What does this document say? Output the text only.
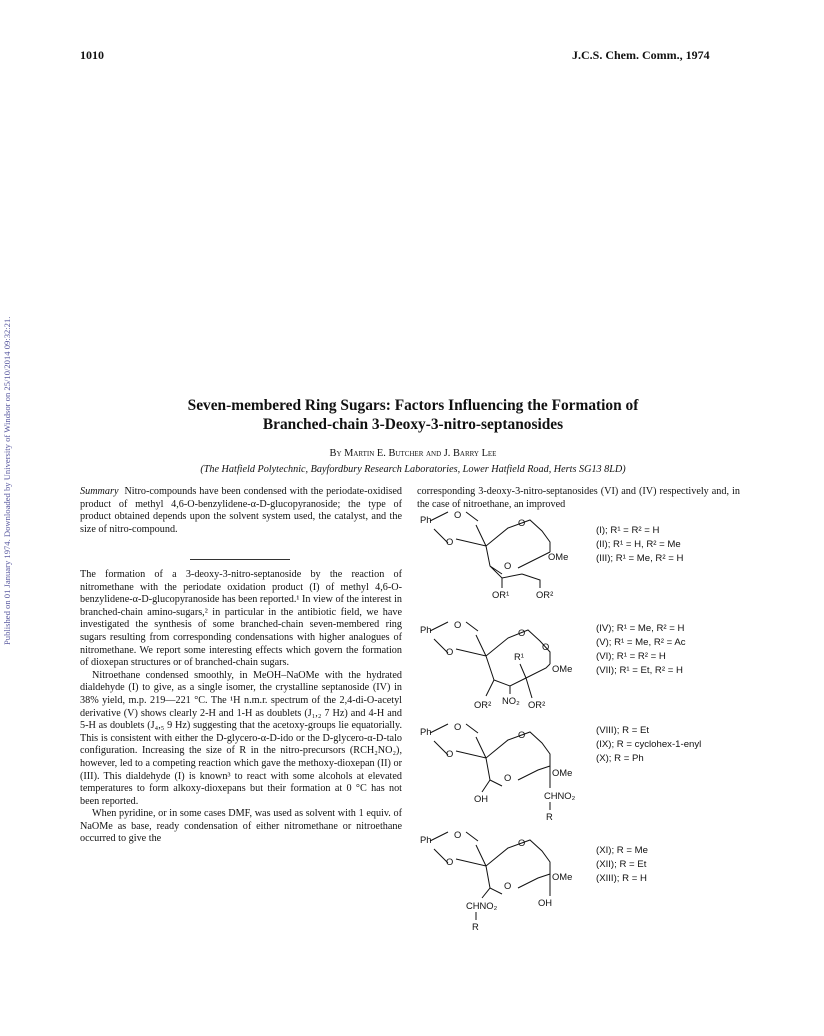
1010	J.C.S. Chem. Comm., 1974
Published on 01 January 1974. Downloaded by University of Windsor on 25/10/2014 09:32:21.	Seven-membered Ring Sugars: Factors Influencing the Formation of
Branched-chain 3-Deoxy-3-nitro-septanosides
By Martin E. Butcher and J. Barry Lee
(The Hatfield Polytechnic, Bayfordbury Research Laboratories, Lower Hatfield Road, Herts SG13 8LD)
Summary Nitro-compounds have been condensed with the periodate-oxidised product of methyl 4,6-O-benzylidene-α-D-glucopyranoside; the type of product obtained depends upon the solvent system used, the catalyst, and the size of nitro-compound.

The formation of a 3-deoxy-3-nitro-septanoside by the reaction of nitromethane with the periodate oxidation product (I) of methyl 4,6-O-benzylidene-α-D-glucopyranoside has been reported.¹ In view of the interest in branched-chain amino-sugars,² in particular in the antibiotic field, we have investigated the synthesis of some branched-chain seven-membered ring sugars resulting from corresponding condensations with higher analogues of nitromethane. We report some interesting effects which govern the formation of dioxepan structures or of branched-chain sugars.

Nitroethane condensed smoothly, in MeOH–NaOMe with the hydrated dialdehyde (I) to give, as a single isomer, the crystalline septanoside (IV) in 38% yield, m.p. 219—221 °C. The ¹H n.m.r. spectrum of the 2,4-di-O-acetyl derivative (V) shows clearly 2-H and 1-H as doublets (J₁,₂ 7 Hz) and 4-H and 5-H as doublets (J₄,₅ 9 Hz) suggesting that the acetoxy-groups lie equatorially. This is consistent with either the D-glycero-α-D-ido or the D-glycero-α-D-talo configuration. Increasing the size of R in the nitro-precursors (RCH₂NO₂), however, led to a competing reaction which gave the methoxy-dioxepan (II) or (III). This dialdehyde (I) is known³ to react with some alcohols at elevated temperatures to form alkoxy-dioxepans but their formation at 0 °C has not been reported.

When pyridine, or in some cases DMF, was used as solvent with 1 equiv. of NaOMe as base, ready condensation of either nitromethane or nitroethane occurred to give the

corresponding 3-deoxy-3-nitro-septanosides (VI) and (IV) respectively and, in the case of nitroethane, an improved
Ph O
O
O
O
OMe
OR¹	OR²
(I); R¹ = R² = H
(II); R¹ = H, R² = Me
(III); R¹ = Me, R² = H
Ph O
O
O
O
OMe
R¹
NO₂
OR²	OR²
(IV); R¹ = Me, R² = H
(V); R¹ = Me, R² = Ac
(VI); R¹ = R² = H
(VII); R¹ = Et, R² = H
Ph O
O
O
O	OMe
OH	CHNO₂
R
(VIII); R = Et
(IX); R = cyclohex-1-enyl
(X); R = Ph
Ph O
O
O
O
OMe
OH
CHNO₂
R
(XI); R = Me
(XII); R = Et
(XIII); R = H
